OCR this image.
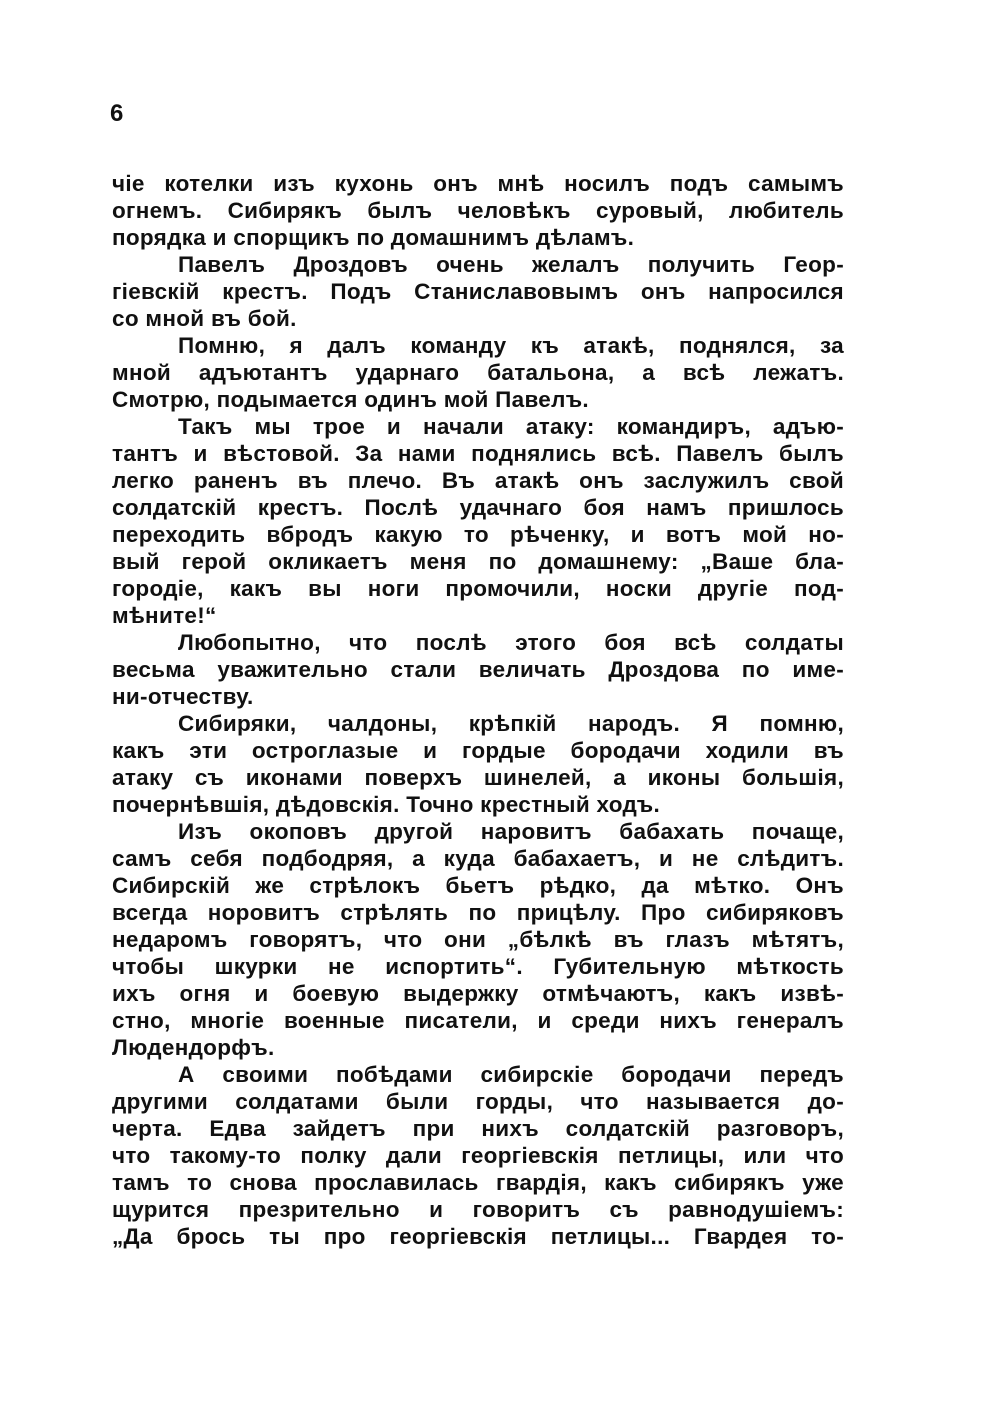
6
чіе котелки изъ кухонь онъ мнѣ носилъ подъ самымъ
огнемъ. Сибирякъ былъ человѣкъ суровый, любитель
порядка и спорщикъ по домашнимъ дѣламъ.
Павелъ Дроздовъ очень желалъ получить Геор-
гіевскій крестъ. Подъ Станиславовымъ онъ напросился
со мной въ бой.
Помню, я далъ команду къ атакѣ, поднялся, за
мной адъютантъ ударнаго батальона, а всѣ лежатъ.
Смотрю, подымается одинъ мой Павелъ.
Такъ мы трое и начали атаку: командиръ, адъю-
тантъ и вѣстовой. За нами поднялись всѣ. Павелъ былъ
легко раненъ въ плечо. Въ атакѣ онъ заслужилъ свой
солдатскій крестъ. Послѣ удачнаго боя намъ пришлось
переходить вбродъ какую то рѣченку, и вотъ мой но-
вый герой окликаетъ меня по домашнему: „Ваше бла-
городіе, какъ вы ноги промочили, носки другіе под-
мѣните!“
Любопытно, что послѣ этого боя всѣ солдаты
весьма уважительно стали величать Дроздова по име-
ни-отчеству.
Сибиряки, чалдоны, крѣпкій народъ. Я помню,
какъ эти остроглазые и гордые бородачи ходили въ
атаку съ иконами поверхъ шинелей, а иконы большія,
почернѣвшія, дѣдовскія. Точно крестный ходъ.
Изъ окоповъ другой наровитъ бабахать почаще,
самъ себя подбодряя, а куда бабахаетъ, и не слѣдитъ.
Сибирскій же стрѣлокъ бьетъ рѣдко, да мѣтко. Онъ
всегда норовитъ стрѣлять по прицѣлу. Про сибиряковъ
недаромъ говорятъ, что они „бѣлкѣ въ глазъ мѣтятъ,
чтобы шкурки не испортить“. Губительную мѣткость
ихъ огня и боевую выдержку отмѣчаютъ, какъ извѣ-
стно, многіе военные писатели, и среди нихъ генералъ
Людендорфъ.
А своими побѣдами сибирскіе бородачи передъ
другими солдатами были горды, что называется до-
черта. Едва зайдетъ при нихъ солдатскій разговоръ,
что такому-то полку дали георгіевскія петлицы, или что
тамъ то снова прославилась гвардія, какъ сибирякъ уже
щурится презрительно и говоритъ съ равнодушіемъ:
„Да брось ты про георгіевскія петлицы... Гвардея то-
